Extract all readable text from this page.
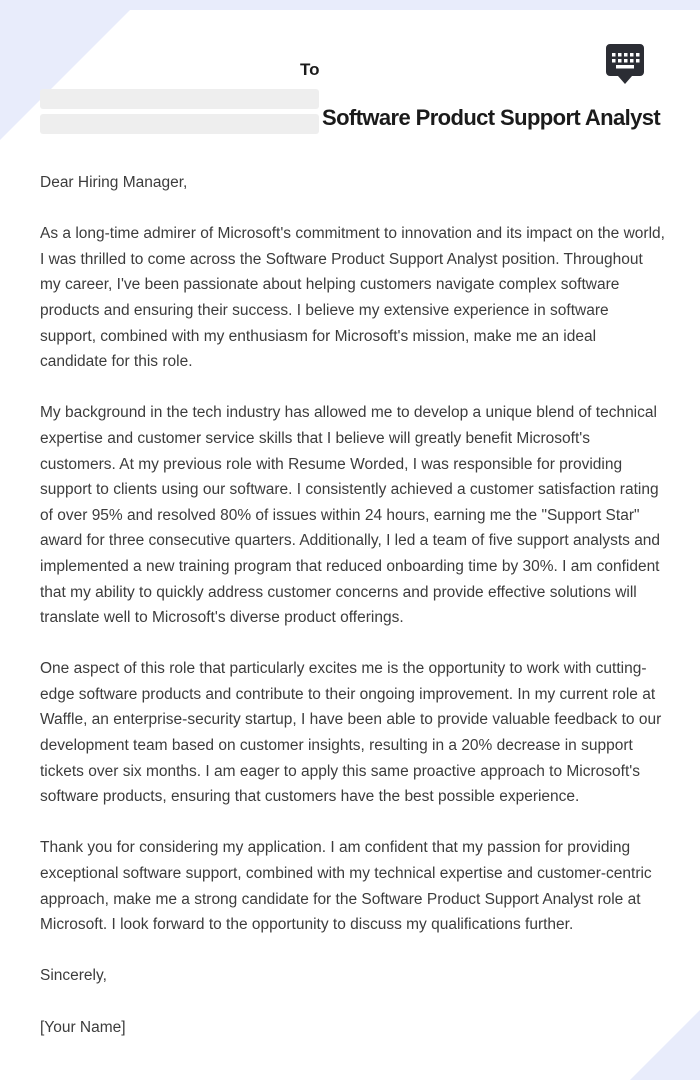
To
Software Product Support Analyst

Dear Hiring Manager,

As a long-time admirer of Microsoft's commitment to innovation and its impact on the world, I was thrilled to come across the Software Product Support Analyst position. Throughout my career, I've been passionate about helping customers navigate complex software products and ensuring their success. I believe my extensive experience in software support, combined with my enthusiasm for Microsoft's mission, make me an ideal candidate for this role.

My background in the tech industry has allowed me to develop a unique blend of technical expertise and customer service skills that I believe will greatly benefit Microsoft's customers. At my previous role with Resume Worded, I was responsible for providing support to clients using our software. I consistently achieved a customer satisfaction rating of over 95% and resolved 80% of issues within 24 hours, earning me the "Support Star" award for three consecutive quarters. Additionally, I led a team of five support analysts and implemented a new training program that reduced onboarding time by 30%. I am confident that my ability to quickly address customer concerns and provide effective solutions will translate well to Microsoft's diverse product offerings.

One aspect of this role that particularly excites me is the opportunity to work with cutting-edge software products and contribute to their ongoing improvement. In my current role at Waffle, an enterprise-security startup, I have been able to provide valuable feedback to our development team based on customer insights, resulting in a 20% decrease in support tickets over six months. I am eager to apply this same proactive approach to Microsoft's software products, ensuring that customers have the best possible experience.

Thank you for considering my application. I am confident that my passion for providing exceptional software support, combined with my technical expertise and customer-centric approach, make me a strong candidate for the Software Product Support Analyst role at Microsoft. I look forward to the opportunity to discuss my qualifications further.

Sincerely,

[Your Name]
